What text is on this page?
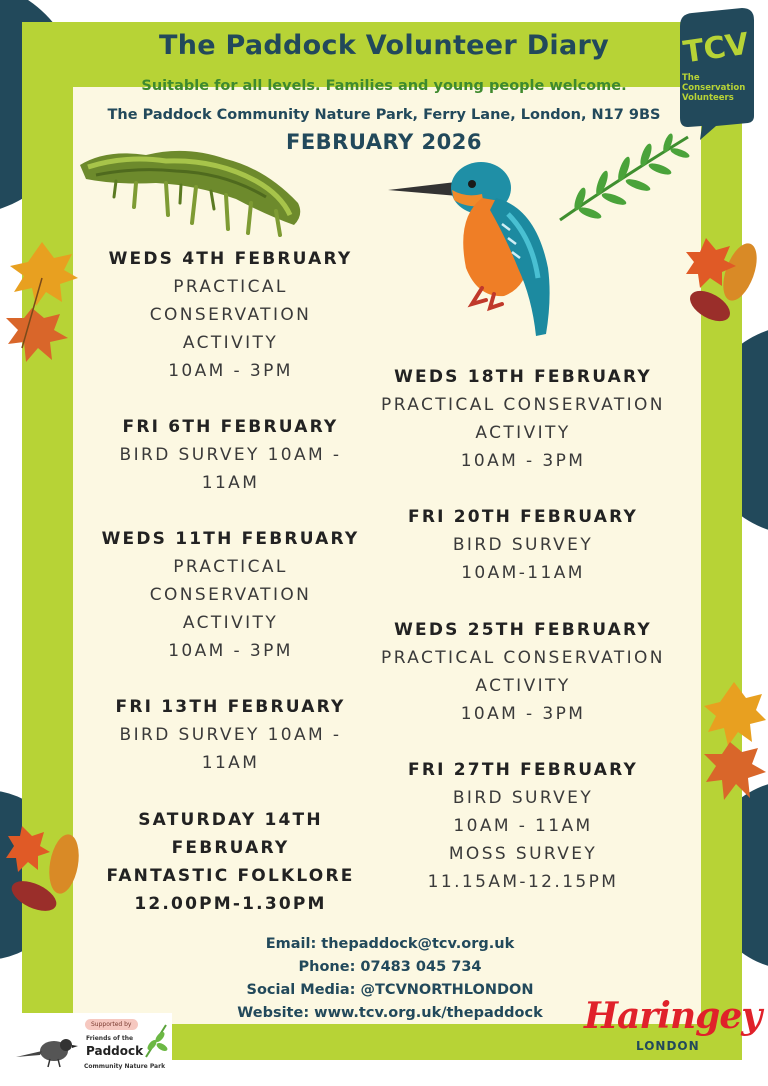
The Paddock Volunteer Diary
Suitable for all levels. Families and young people welcome.
The Paddock Community Nature Park, Ferry Lane, London, N17 9BS
FEBRUARY 2026
TCV
The
Conservation
Volunteers
WEDS 4TH FEBRUARY
PRACTICAL
CONSERVATION
ACTIVITY
10AM - 3PM
FRI 6TH FEBRUARY
BIRD SURVEY 10AM -
11AM
WEDS 11TH FEBRUARY
PRACTICAL
CONSERVATION
ACTIVITY
10AM - 3PM
FRI 13TH FEBRUARY
BIRD SURVEY 10AM -
11AM
SATURDAY 14TH
FEBRUARY
FANTASTIC FOLKLORE
12.00PM-1.30PM
WEDS 18TH FEBRUARY
PRACTICAL CONSERVATION
ACTIVITY
10AM - 3PM
FRI 20TH FEBRUARY
BIRD SURVEY
10AM-11AM
WEDS 25TH FEBRUARY
PRACTICAL CONSERVATION
ACTIVITY
10AM - 3PM
FRI 27TH FEBRUARY
BIRD SURVEY
10AM - 11AM
MOSS SURVEY
11.15AM-12.15PM
Email: thepaddock@tcv.org.uk
Phone: 07483 045 734
Social Media: @TCVNORTHLONDON
Website: www.tcv.org.uk/thepaddock
Supported by
Friends of the
Paddock
Community Nature Park
Haringey
LONDON
